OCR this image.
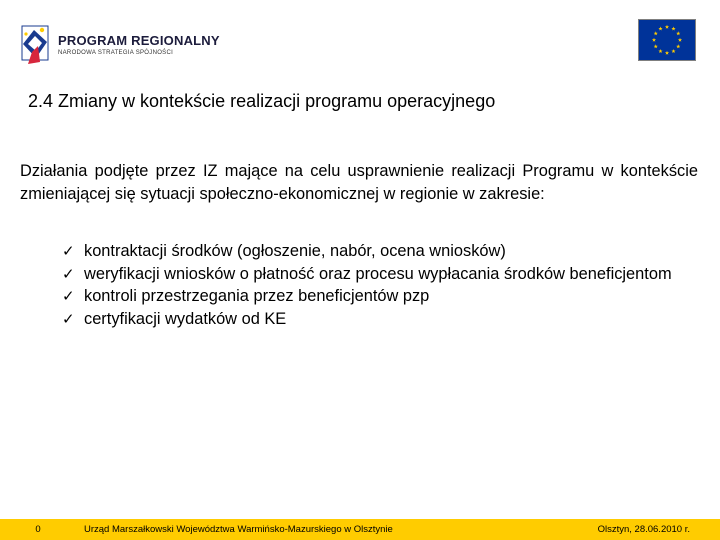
PROGRAM REGIONALNY
NARODOWA STRATEGIA SPÓJNOŚCI
2.4 Zmiany w kontekście realizacji programu operacyjnego
Działania podjęte przez IZ mające na celu usprawnienie realizacji Programu w kontekście zmieniającej się sytuacji społeczno-ekonomicznej w regionie w zakresie:
✓ kontraktacji środków (ogłoszenie, nabór, ocena wniosków)
✓ weryfikacji wniosków o płatność oraz procesu wypłacania środków beneficjentom
✓ kontroli przestrzegania przez beneficjentów pzp
✓ certyfikacji wydatków od KE
0	Urząd Marszałkowski Województwa Warmińsko-Mazurskiego w Olsztynie	Olsztyn, 28.06.2010 r.
